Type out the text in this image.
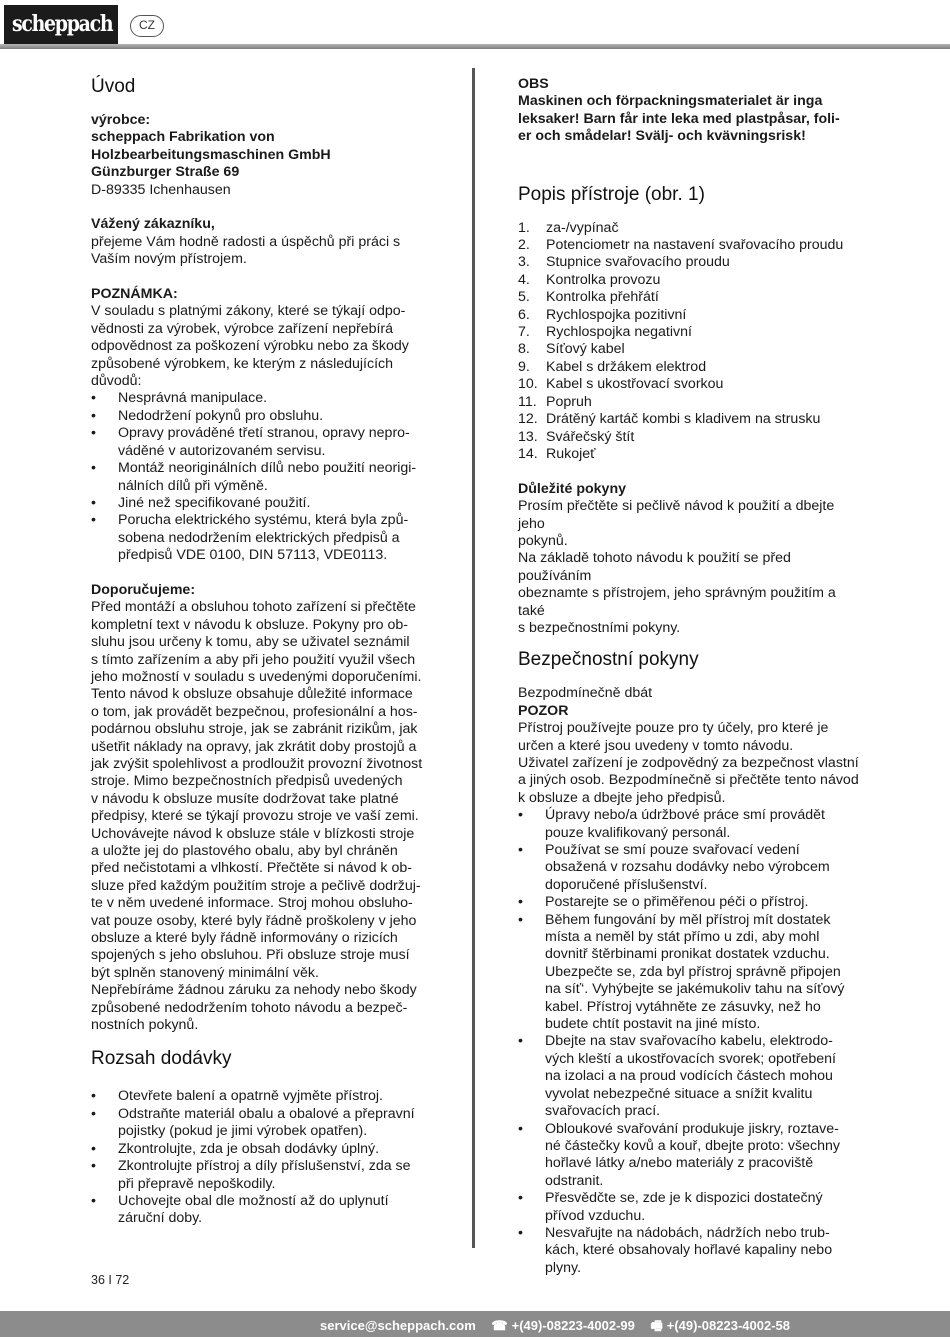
scheppach	CZ
Úvod

výrobce:

scheppach Fabrikation von

Holzbearbeitungsmaschinen GmbH

Günzburger Straße 69

D-89335 Ichenhausen

Vážený zákazníku,

přejeme Vám hodně radosti a úspěchů při práci s

Vaším novým přístrojem.

POZNÁMKA:

V souladu s platnými zákony, které se týkají odpo-

vědnosti za výrobek, výrobce zařízení nepřebírá

odpovědnost za poškození výrobku nebo za škody

způsobené výrobkem, ke kterým z následujících

důvodů:

• Nesprávná manipulace.
• Nedodržení pokynů pro obsluhu.
• Opravy prováděné třetí stranou, opravy nepro-
váděné v autorizovaném servisu.
• Montáž neoriginálních dílů nebo použití neorigi-
nálních dílů při výměně.
• Jiné než specifikované použití.
• Porucha elektrického systému, která byla způ-
sobena nedodržením elektrických předpisů a
předpisů VDE 0100, DIN 57113, VDE0113.

Doporučujeme:

Před montáží a obsluhou tohoto zařízení si přečtěte

kompletní text v návodu k obsluze. Pokyny pro ob-

sluhu jsou určeny k tomu, aby se uživatel seznámil

s tímto zařízením a aby při jeho použití využil všech

jeho možností v souladu s uvedenými doporučeními.

Tento návod k obsluze obsahuje důležité informace

o tom, jak provádět bezpečnou, profesionální a hos-

podárnou obsluhu stroje, jak se zabránit rizikům, jak

ušetřit náklady na opravy, jak zkrátit doby prostojů a

jak zvýšit spolehlivost a prodloužit provozní životnost

stroje. Mimo bezpečnostních předpisů uvedených

v návodu k obsluze musíte dodržovat take platné

předpisy, které se týkají provozu stroje ve vaší zemi.

Uchovávejte návod k obsluze stále v blízkosti stroje

a uložte jej do plastového obalu, aby byl chráněn

před nečistotami a vlhkostí. Přečtěte si návod k ob-

sluze před každým použitím stroje a pečlivě dodržuj-

te v něm uvedené informace. Stroj mohou obsluho-

vat pouze osoby, které byly řádně proškoleny v jeho

obsluze a které byly řádně informovány o rizicích

spojených s jeho obsluhou. Při obsluze stroje musí

být splněn stanovený minimální věk.

Nepřebíráme žádnou záruku za nehody nebo škody

způsobené nedodržením tohoto návodu a bezpeč-

nostních pokynů.

Rozsah dodávky
• Otevřete balení a opatrně vyjměte přístroj.
• Odstraňte materiál obalu a obalové a přepravní
pojistky (pokud je jimi výrobek opatřen).
• Zkontrolujte, zda je obsah dodávky úplný.
• Zkontrolujte přístroj a díly příslušenství, zda se
při přepravě nepoškodily.
• Uchovejte obal dle možností až do uplynutí
záruční doby.

OBS

Maskinen och förpackningsmaterialet är inga

leksaker! Barn får inte leka med plastpåsar, foli-

er och smådelar! Svälj- och kvävningsrisk!

Popis přístroje (obr. 1)
1. za-/vypínač
2. Potenciometr na nastavení svařovacího proudu
3. Stupnice svařovacího proudu
4. Kontrolka provozu
5. Kontrolka přehřátí
6. Rychlospojka pozitivní
7. Rychlospojka negativní
8. Síťový kabel
9. Kabel s držákem elektrod
10. Kabel s ukostřovací svorkou
11. Popruh
12. Drátěný kartáč kombi s kladivem na strusku
13. Svářečský štít
14. Rukojeť

Důležité pokyny

Prosím přečtěte si pečlivě návod k použití a dbejte jeho

pokynů.

Na základě tohoto návodu k použití se před používáním

obeznamte s přístrojem, jeho správným použitím a také

s bezpečnostními pokyny.

Bezpečnostní pokyny

Bezpodmínečně dbát

POZOR

Přístroj používejte pouze pro ty účely, pro které je

určen a které jsou uvedeny v tomto návodu.

Uživatel zařízení je zodpovědný za bezpečnost vlastní

a jiných osob. Bezpodmínečně si přečtěte tento návod

k obsluze a dbejte jeho předpisů.

• Úpravy nebo/a údržbové práce smí provádět
pouze kvalifikovaný personál.
• Používat se smí pouze svařovací vedení
obsažená v rozsahu dodávky nebo výrobcem
doporučené příslušenství.
• Postarejte se o přiměřenou péči o přístroj.
• Během fungování by měl přístroj mít dostatek
místa a neměl by stát přímo u zdi, aby mohl
dovnitř štěrbinami pronikat dostatek vzduchu.
Ubezpečte se, zda byl přístroj správně připojen
na síť‘. Vyhýbejte se jakémukoliv tahu na síťový
kabel. Přístroj vytáhněte ze zásuvky, než ho
budete chtít postavit na jiné místo.
• Dbejte na stav svařovacího kabelu, elektrodo-
vých kleští a ukostřovacích svorek; opotřebení
na izolaci a na proud vodících částech mohou
vyvolat nebezpečné situace a snížit kvalitu
svařovacích prací.
• Obloukové svařování produkuje jiskry, roztave-
né částečky kovů a kouř, dbejte proto: všechny
hořlavé látky a/nebo materiály z pracoviště
odstranit.
• Přesvědčte se, zde je k dispozici dostatečný
přívod vzduchu.
• Nesvařujte na nádobách, nádržích nebo trub-
kách, které obsahovaly hořlavé kapaliny nebo
plyny.
36 I 72
service@scheppach.com ☎ +(49)-08223-4002-99 🖷 +(49)-08223-4002-58
